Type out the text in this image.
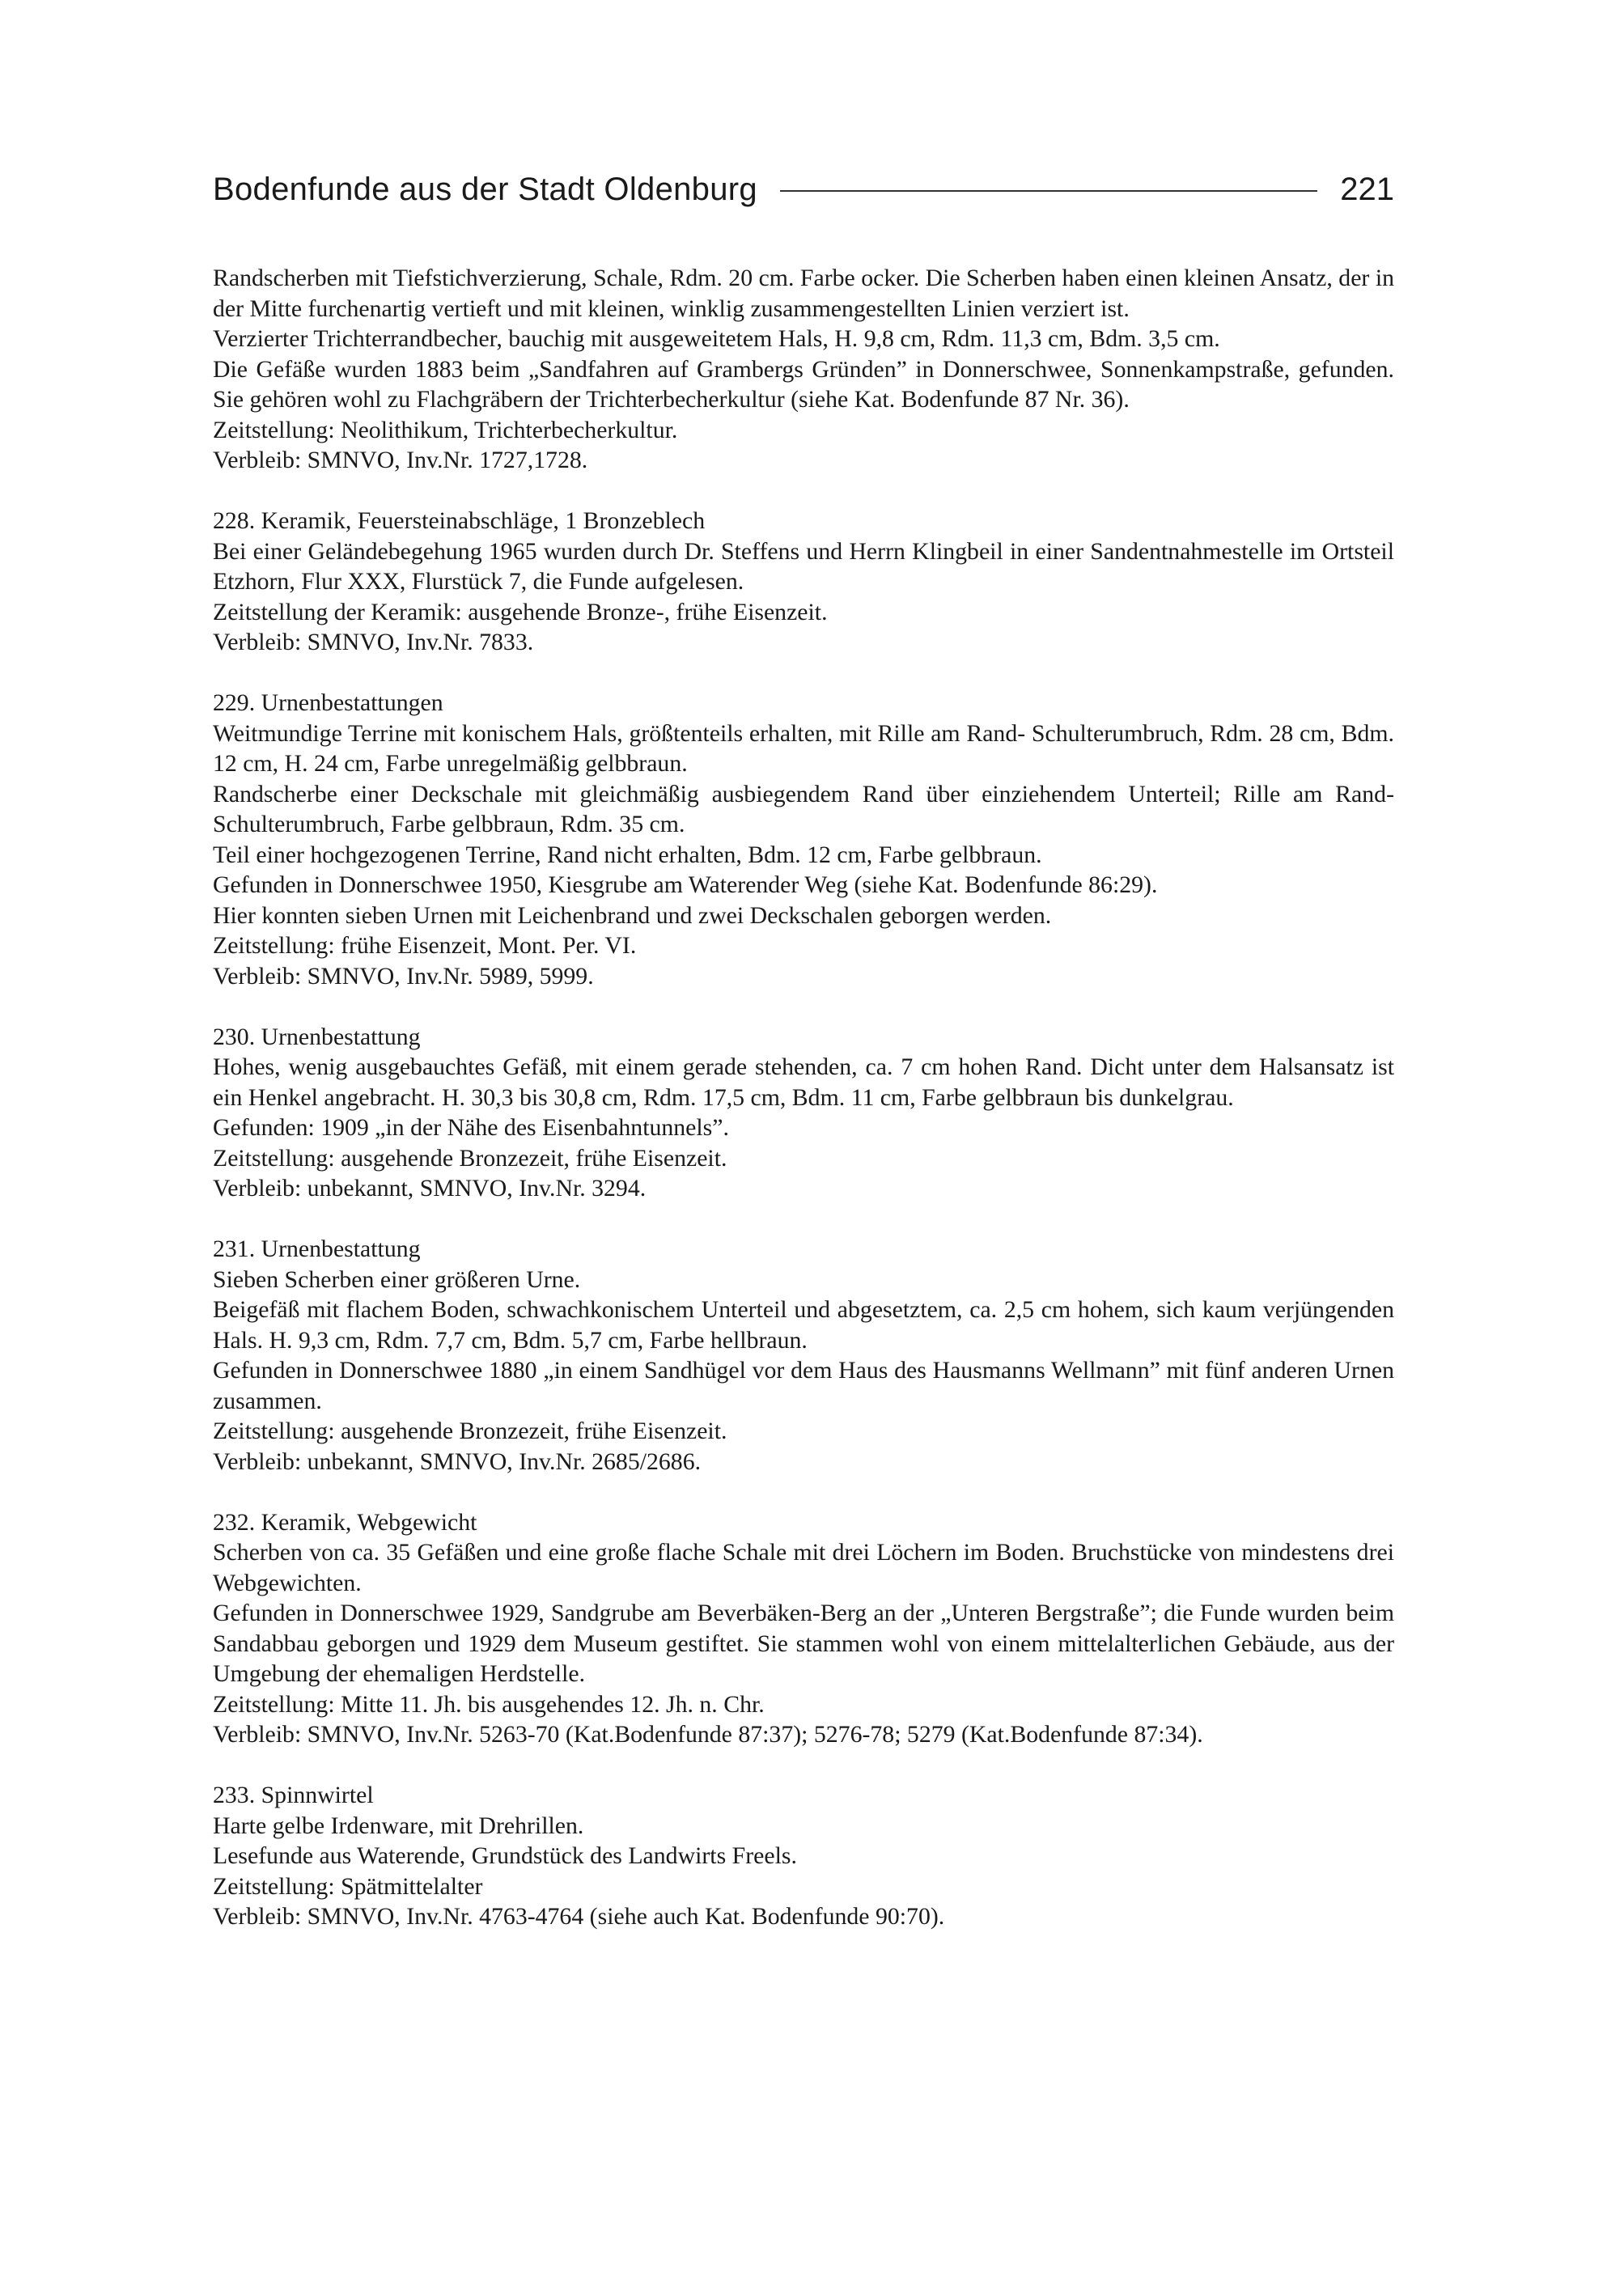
Bodenfunde aus der Stadt Oldenburg	221

Randscherben mit Tiefstichverzierung, Schale, Rdm. 20 cm. Farbe ocker. Die Scherben haben einen kleinen Ansatz, der in der Mitte furchenartig vertieft und mit kleinen, winklig zusammengestellten Linien verziert ist.

Verzierter Trichterrandbecher, bauchig mit ausgeweitetem Hals, H. 9,8 cm, Rdm. 11,3 cm, Bdm. 3,5 cm.

Die Gefäße wurden 1883 beim „Sandfahren auf Grambergs Gründen” in Donnerschwee, Sonnenkampstraße, gefunden. Sie gehören wohl zu Flachgräbern der Trichterbecherkultur (siehe Kat. Bodenfunde 87 Nr. 36).

Zeitstellung: Neolithikum, Trichterbecherkultur.

Verbleib: SMNVO, Inv.Nr. 1727,1728.

228. Keramik, Feuersteinabschläge, 1 Bronzeblech

Bei einer Geländebegehung 1965 wurden durch Dr. Steffens und Herrn Klingbeil in einer Sandentnahmestelle im Ortsteil Etzhorn, Flur XXX, Flurstück 7, die Funde aufgelesen.

Zeitstellung der Keramik: ausgehende Bronze-, frühe Eisenzeit.

Verbleib: SMNVO, Inv.Nr. 7833.

229. Urnenbestattungen

Weitmundige Terrine mit konischem Hals, größtenteils erhalten, mit Rille am Rand- Schulterumbruch, Rdm. 28 cm, Bdm. 12 cm, H. 24 cm, Farbe unregelmäßig gelbbraun.

Randscherbe einer Deckschale mit gleichmäßig ausbiegendem Rand über einziehendem Unterteil; Rille am Rand- Schulterumbruch, Farbe gelbbraun, Rdm. 35 cm.

Teil einer hochgezogenen Terrine, Rand nicht erhalten, Bdm. 12 cm, Farbe gelbbraun.

Gefunden in Donnerschwee 1950, Kiesgrube am Waterender Weg (siehe Kat. Bodenfunde 86:29).

Hier konnten sieben Urnen mit Leichenbrand und zwei Deckschalen geborgen werden.

Zeitstellung: frühe Eisenzeit, Mont. Per. VI.

Verbleib: SMNVO, Inv.Nr. 5989, 5999.

230. Urnenbestattung

Hohes, wenig ausgebauchtes Gefäß, mit einem gerade stehenden, ca. 7 cm hohen Rand. Dicht unter dem Halsansatz ist ein Henkel angebracht. H. 30,3 bis 30,8 cm, Rdm. 17,5 cm, Bdm. 11 cm, Farbe gelbbraun bis dunkelgrau.

Gefunden: 1909 „in der Nähe des Eisenbahntunnels”.

Zeitstellung: ausgehende Bronzezeit, frühe Eisenzeit.

Verbleib: unbekannt, SMNVO, Inv.Nr. 3294.

231. Urnenbestattung

Sieben Scherben einer größeren Urne.

Beigefäß mit flachem Boden, schwachkonischem Unterteil und abgesetztem, ca. 2,5 cm hohem, sich kaum verjüngenden Hals. H. 9,3 cm, Rdm. 7,7 cm, Bdm. 5,7 cm, Farbe hellbraun.

Gefunden in Donnerschwee 1880 „in einem Sandhügel vor dem Haus des Hausmanns Wellmann” mit fünf anderen Urnen zusammen.

Zeitstellung: ausgehende Bronzezeit, frühe Eisenzeit.

Verbleib: unbekannt, SMNVO, Inv.Nr. 2685/2686.

232. Keramik, Webgewicht

Scherben von ca. 35 Gefäßen und eine große flache Schale mit drei Löchern im Boden. Bruchstücke von mindestens drei Webgewichten.

Gefunden in Donnerschwee 1929, Sandgrube am Beverbäken-Berg an der „Unteren Bergstraße”; die Funde wurden beim Sandabbau geborgen und 1929 dem Museum gestiftet. Sie stammen wohl von einem mittelalterlichen Gebäude, aus der Umgebung der ehemaligen Herdstelle.

Zeitstellung: Mitte 11. Jh. bis ausgehendes 12. Jh. n. Chr.

Verbleib: SMNVO, Inv.Nr. 5263-70 (Kat.Bodenfunde 87:37); 5276-78; 5279 (Kat.Bodenfunde 87:34).

233. Spinnwirtel

Harte gelbe Irdenware, mit Drehrillen.

Lesefunde aus Waterende, Grundstück des Landwirts Freels.

Zeitstellung: Spätmittelalter

Verbleib: SMNVO, Inv.Nr. 4763-4764 (siehe auch Kat. Bodenfunde 90:70).
